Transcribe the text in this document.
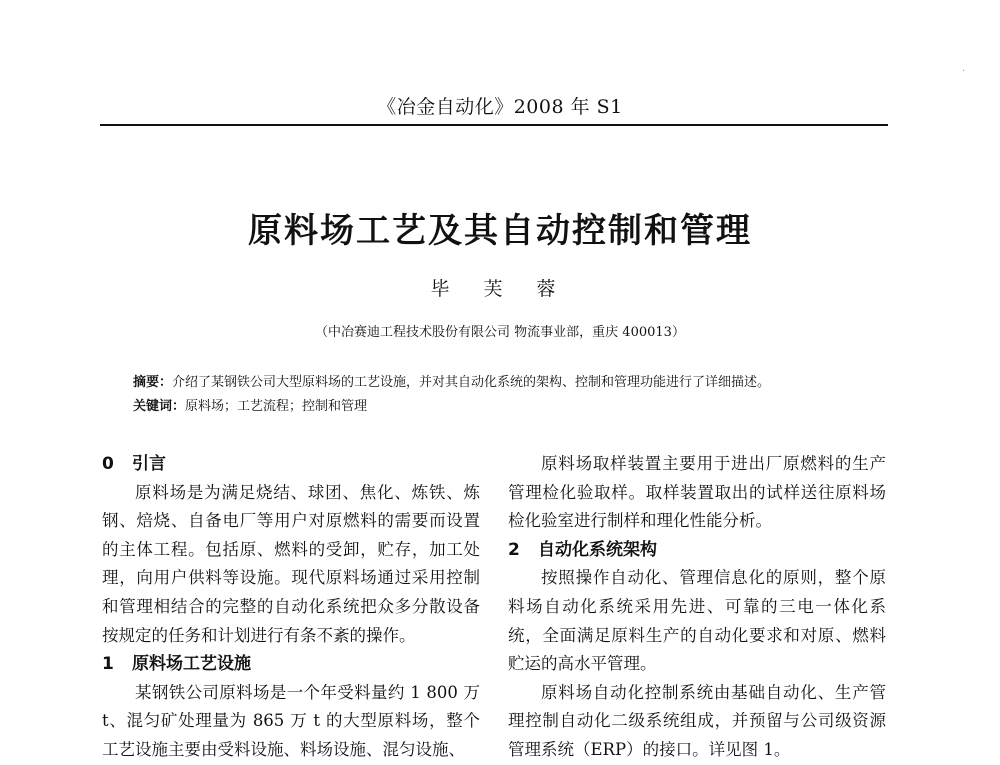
·
《冶金自动化》2008 年 S1
原料场工艺及其自动控制和管理
毕 芙 蓉
（中冶赛迪工程技术股份有限公司 物流事业部，重庆 400013）
摘要：介绍了某钢铁公司大型原料场的工艺设施，并对其自动化系统的架构、控制和管理功能进行了详细描述。
关键词：原料场；工艺流程；控制和管理
0 引言

原料场是为满足烧结、球团、焦化、炼铁、炼钢、焙烧、自备电厂等用户对原燃料的需要而设置的主体工程。包括原、燃料的受卸，贮存，加工处理，向用户供料等设施。现代原料场通过采用控制和管理相结合的完整的自动化系统把众多分散设备按规定的任务和计划进行有条不紊的操作。

1 原料场工艺设施

某钢铁公司原料场是一个年受料量约 1 800 万 t、混匀矿处理量为 865 万 t 的大型原料场，整个工艺设施主要由受料设施、料场设施、混匀设施、

原料场取样装置主要用于进出厂原燃料的生产管理检化验取样。取样装置取出的试样送往原料场检化验室进行制样和理化性能分析。

2 自动化系统架构

按照操作自动化、管理信息化的原则，整个原料场自动化系统采用先进、可靠的三电一体化系统，全面满足原料生产的自动化要求和对原、燃料贮运的高水平管理。

原料场自动化控制系统由基础自动化、生产管理控制自动化二级系统组成，并预留与公司级资源管理系统（ERP）的接口。详见图 1。
